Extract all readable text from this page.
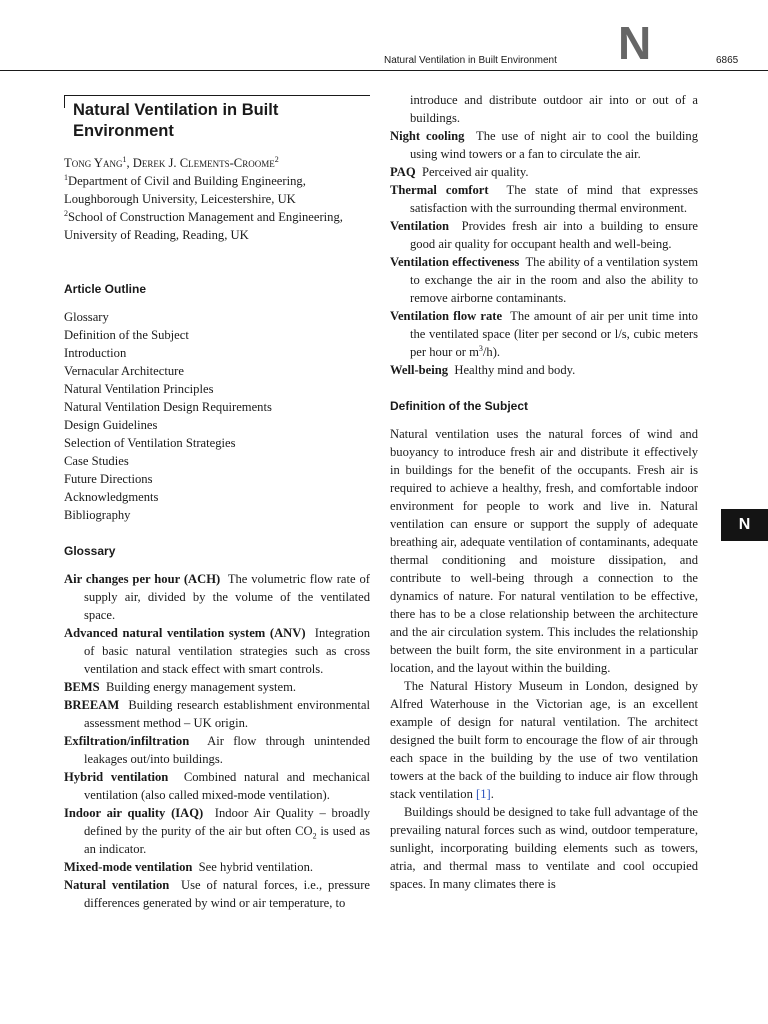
Natural Ventilation in Built Environment N	6865
N
Natural Ventilation in Built
Environment

Tong Yang$^1$, Derek J. Clements-Croome$^2$

$^1$Department of Civil and Building Engineering, Loughborough University, Leicestershire, UK

$^2$School of Construction Management and Engineering, University of Reading, Reading, UK

Article Outline

Glossary
Definition of the Subject
Introduction
Vernacular Architecture
Natural Ventilation Principles
Natural Ventilation Design Requirements
Design Guidelines
Selection of Ventilation Strategies
Case Studies
Future Directions
Acknowledgments
Bibliography

Glossary

Air changes per hour (ACH) The volumetric flow rate of supply air, divided by the volume of the ventilated space.

Advanced natural ventilation system (ANV) Integration of basic natural ventilation strategies such as cross ventilation and stack effect with smart controls.

BEMS Building energy management system.

BREEAM Building research establishment environmental assessment method – UK origin.

Exfiltration/infiltration Air flow through unintended leakages out/into buildings.

Hybrid ventilation Combined natural and mechanical ventilation (also called mixed-mode ventilation).

Indoor air quality (IAQ) Indoor Air Quality – broadly defined by the purity of the air but often $CO_2$ is used as an indicator.

Mixed-mode ventilation See hybrid ventilation.

Natural ventilation Use of natural forces, i.e., pressure differences generated by wind or air temperature, to

introduce and distribute outdoor air into or out of a buildings.

Night cooling The use of night air to cool the building using wind towers or a fan to circulate the air.

PAQ Perceived air quality.

Thermal comfort The state of mind that expresses satisfaction with the surrounding thermal environment.

Ventilation Provides fresh air into a building to ensure good air quality for occupant health and well-being.

Ventilation effectiveness The ability of a ventilation system to exchange the air in the room and also the ability to remove airborne contaminants.

Ventilation flow rate The amount of air per unit time into the ventilated space (liter per second or l/s, cubic meters per hour or $m^3/h$).

Well-being Healthy mind and body.

Definition of the Subject

Natural ventilation uses the natural forces of wind and buoyancy to introduce fresh air and distribute it effectively in buildings for the benefit of the occupants. Fresh air is required to achieve a healthy, fresh, and comfortable indoor environment for people to work and live in. Natural ventilation can ensure or support the supply of adequate breathing air, adequate ventilation of contaminants, adequate thermal conditioning and moisture dissipation, and contribute to well-being through a connection to the dynamics of nature. For natural ventilation to be effective, there has to be a close relationship between the architecture and the air circulation system. This includes the relationship between the built form, the site environment in a particular location, and the layout within the building.

The Natural History Museum in London, designed by Alfred Waterhouse in the Victorian age, is an excellent example of design for natural ventilation. The architect designed the built form to encourage the flow of air through each space in the building by the use of two ventilation towers at the back of the building to induce air flow through stack ventilation [1].

Buildings should be designed to take full advantage of the prevailing natural forces such as wind, outdoor temperature, sunlight, incorporating building elements such as towers, atria, and thermal mass to ventilate and cool occupied spaces. In many climates there is
